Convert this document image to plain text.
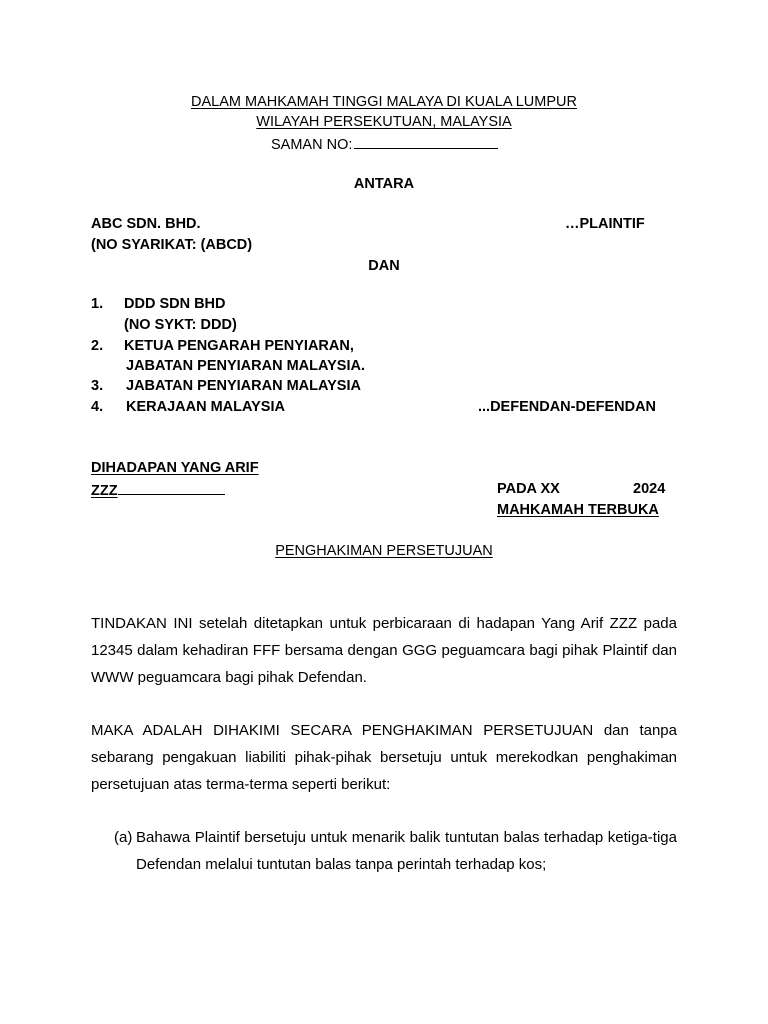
DALAM MAHKAMAH TINGGI MALAYA DI KUALA LUMPUR
WILAYAH PERSEKUTUAN, MALAYSIA
SAMAN NO:
ANTARA
ABC SDN. BHD.	…PLAINTIF
(NO SYARIKAT: (ABCD)
DAN
1. DDD SDN BHD
(NO SYKT: DDD)
2. KETUA PENGARAH PENYIARAN,
JABATAN PENYIARAN MALAYSIA.
3. JABATAN PENYIARAN MALAYSIA
4. KERAJAAN MALAYSIA	...DEFENDAN-DEFENDAN
DIHADAPAN YANG ARIF
ZZZ	PADA XX	2024
MAHKAMAH TERBUKA
PENGHAKIMAN PERSETUJUAN
TINDAKAN INI setelah ditetapkan untuk perbicaraan di hadapan Yang Arif ZZZ pada 12345 dalam kehadiran FFF bersama dengan GGG peguamcara bagi pihak Plaintif dan WWW peguamcara bagi pihak Defendan.
MAKA ADALAH DIHAKIMI SECARA PENGHAKIMAN PERSETUJUAN dan tanpa sebarang pengakuan liabiliti pihak-pihak bersetuju untuk merekodkan penghakiman persetujuan atas terma-terma seperti berikut:
(a) Bahawa Plaintif bersetuju untuk menarik balik tuntutan balas terhadap ketiga-tiga Defendan melalui tuntutan balas tanpa perintah terhadap kos;
